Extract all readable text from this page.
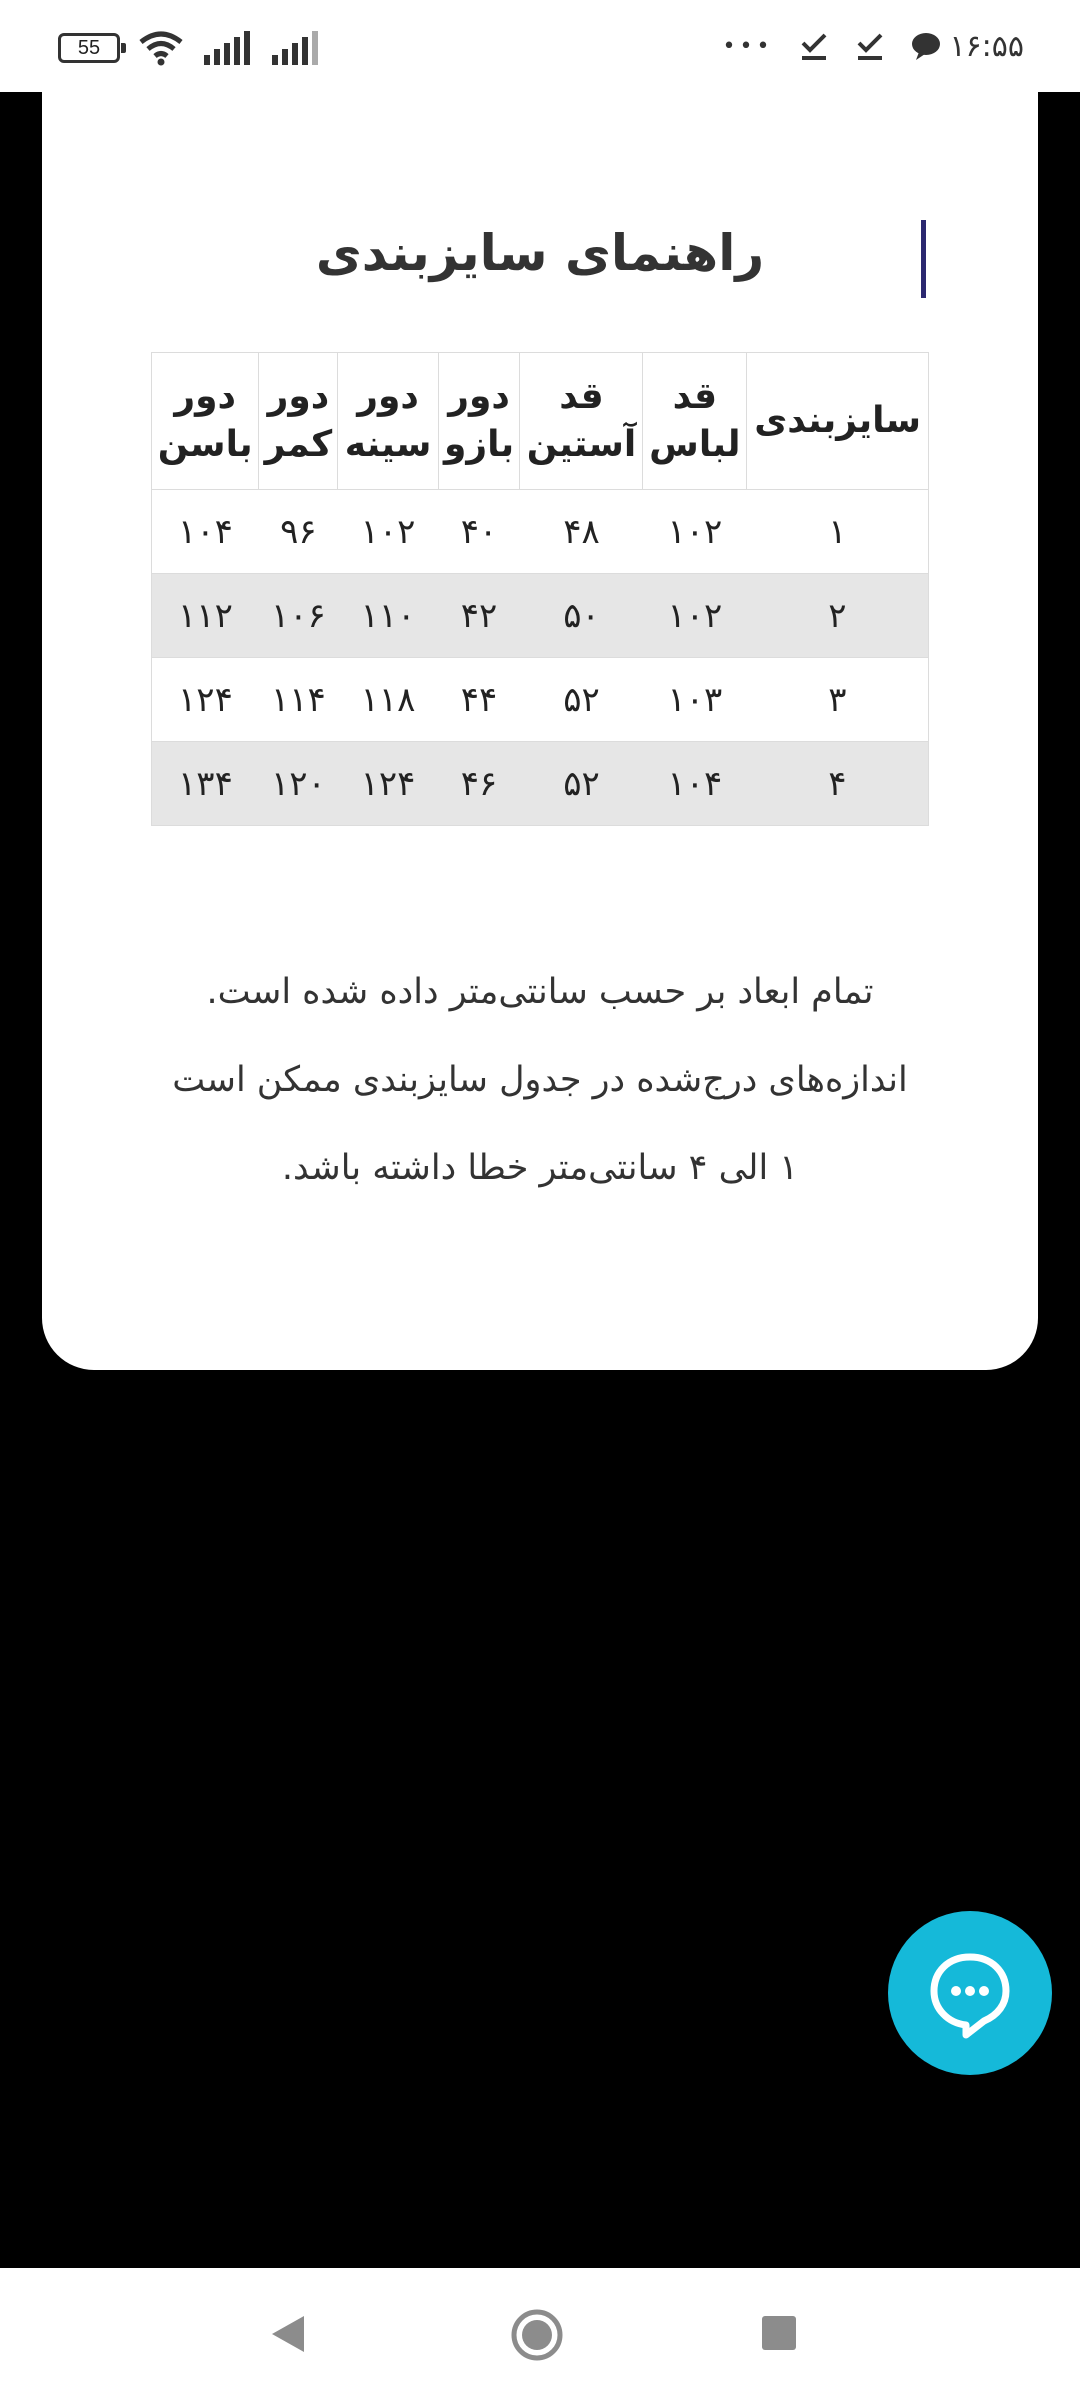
55	•••	۱۶:۵۵
راهنمای سایزبندی
سایزبندی	قد لباس	قد آستین	دور بازو	دور سینه	دور کمر	دور باسن
۱	۱۰۲	۴۸	۴۰	۱۰۲	۹۶	۱۰۴
۲	۱۰۲	۵۰	۴۲	۱۱۰	۱۰۶	۱۱۲
۳	۱۰۳	۵۲	۴۴	۱۱۸	۱۱۴	۱۲۴
۴	۱۰۴	۵۲	۴۶	۱۲۴	۱۲۰	۱۳۴
تمام ابعاد بر حسب سانتی‌متر داده شده است.
اندازه‌های درج‌شده در جدول سایزبندی ممکن است
۱ الی ۴ سانتی‌متر خطا داشته باشد.
